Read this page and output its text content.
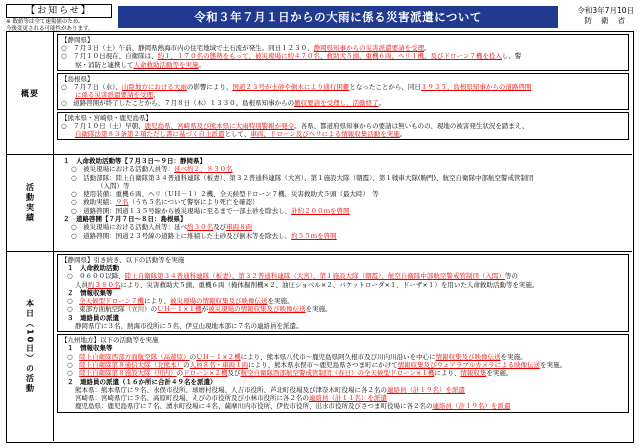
【お知らせ】
※ 数値等は全て速報値のため、
今後変更される可能性があります。
令和３年７月１日からの大雨に係る災害派遣について	令和3年7月10日
防衛省
概要
【静岡県】
○　７月３日（土）午前、静岡県熱海市内の住宅地域で土石流が発生。同日１２３０、静岡県知事からの災害派遣要請を受理。
○　７月１０日現在、自衛隊は、約１，１７０名の態勢をもって、被災現場に約４７０名、救助犬５頭、重機６両、ヘリ１機、及びドローン７機を投入し、警
察・消防と連携して人命救助活動等を実施。
【島根県】
○　７月７日（水）、山陰地方における大雨の影響により、国道２３号が土砂や倒木により通行困難となったことから、同日１９３５、島根県知事からの道路啓開
に係る災害派遣要請を受理。
○　道路啓開が終了したことから、７月８日（木）１３３０、島根県知事からの撤収要請を受理し、活動終了。
【熊本県・宮崎県・鹿児島県】
○　７月１０日（土）早朝、鹿児島県、宮崎県及び熊本県に大雨特別警報が発令。各県、都道府県知事からの要請は無いものの、現地の被害発生状況を踏まえ、
自衛隊法第８３条第２項ただし書に基づく自主派遣として、車両、ドローン及びヘリによる情報収集活動を実施。
活動実績
１　人命救助活動等【７月３日～９日：静岡県】
○　被災現場における活動人員等：延べ約２，８３０名
○　活動部隊：陸上自衛隊第３４普通科連隊（板妻）、第３２普通科連隊（大宮）、第１施設大隊（朝霞）、第１戦車大隊(駒門)、航空自衛隊中部航空警戒管制団
（入間）等
○　使用装備：重機６両、ヘリ（ＵＨ－１）２機、全天候型ドローン７機、災害救助犬５頭（最大時）　等
○　救助実績：９名（うち５名について警察により死亡を確認）
○　道路啓開：国道１３５号線から被災現場に至るまで一部土砂を除去し、計約２００ｍを啓開
２　道路啓開【７月７日～８日：島根県】
○　被災現場における活動人員等：延べ約３０名及び車両８両
○　道路啓開：国道２３号線の道路上に堆積した土砂及び倒木等を除去し、約５５ｍを啓開
本日（10日）の活動
【静岡県】引き続き、以下の活動等を実施
１　人命救助活動
○　０６００以降、陸上自衛隊第３４普通科連隊（板妻）、第３２普通科連隊（大宮）、第１施設大隊（朝霞）、航空自衛隊中部航空警戒管制団（入間）等の
人員約３８０名により、災害救助犬５頭、重機６両（掩体掘削機×２、油圧ショベル×２、バケットローダ×１、ドーザ×１）を用いた人命救助活動等を実施。
２　情報収集等
○　全天候型ドローン７機により、被災現場の情報収集及び映像伝送を実施。
○　東部方面航空隊（立川）のＵＨ－１×１機が被災現場の情報収集及び映像伝送を実施。
３　連絡員の派遣
静岡県庁に３名、熱海市役所に５名、伊豆山現地本部に７名の連絡員を派遣。
【九州地方】以下の活動等を実施
１　情報収集等
○　陸上自衛隊西部方面航空隊（高遊原）のＵＨ－１×２機により、熊本県八代市～鹿児島県阿久根市及び川内川沿いを中心に情報収集及び映像伝送を実施。
○　陸上自衛隊第８通信大隊（北熊本）の人員８名・車両１両により、熊本県水俣市～鹿児島県さつま町にかけて情報収集及びウェアラブルカメラによる映像伝送を実施。
○　陸上自衛隊第８施設大隊（川内）のドローン×２機及び航空自衛隊西部航空警戒管制団（春日）の全天候型ドローン×１機により、情報収集を実施。
２　連絡員の派遣（１６か所に合計４９名を派遣）
熊本県：熊本県庁に９名、水俣市役所、球磨村役場、人吉市役所、芦北町役場及び津奈木町役場に各２名の連絡員（計１９名）を派遣
宮崎県：宮崎県庁に５名、高原町役場、えびの市役所及び小林市役所に各２名の連絡員（計１１名）を派遣
鹿児島県：鹿児島県庁に７名、湧水町役場に４名、薩摩川内市役所、伊佐市役所、出水市役所及びさつま町役場に各２名の連絡員（計１９名）を派遣
